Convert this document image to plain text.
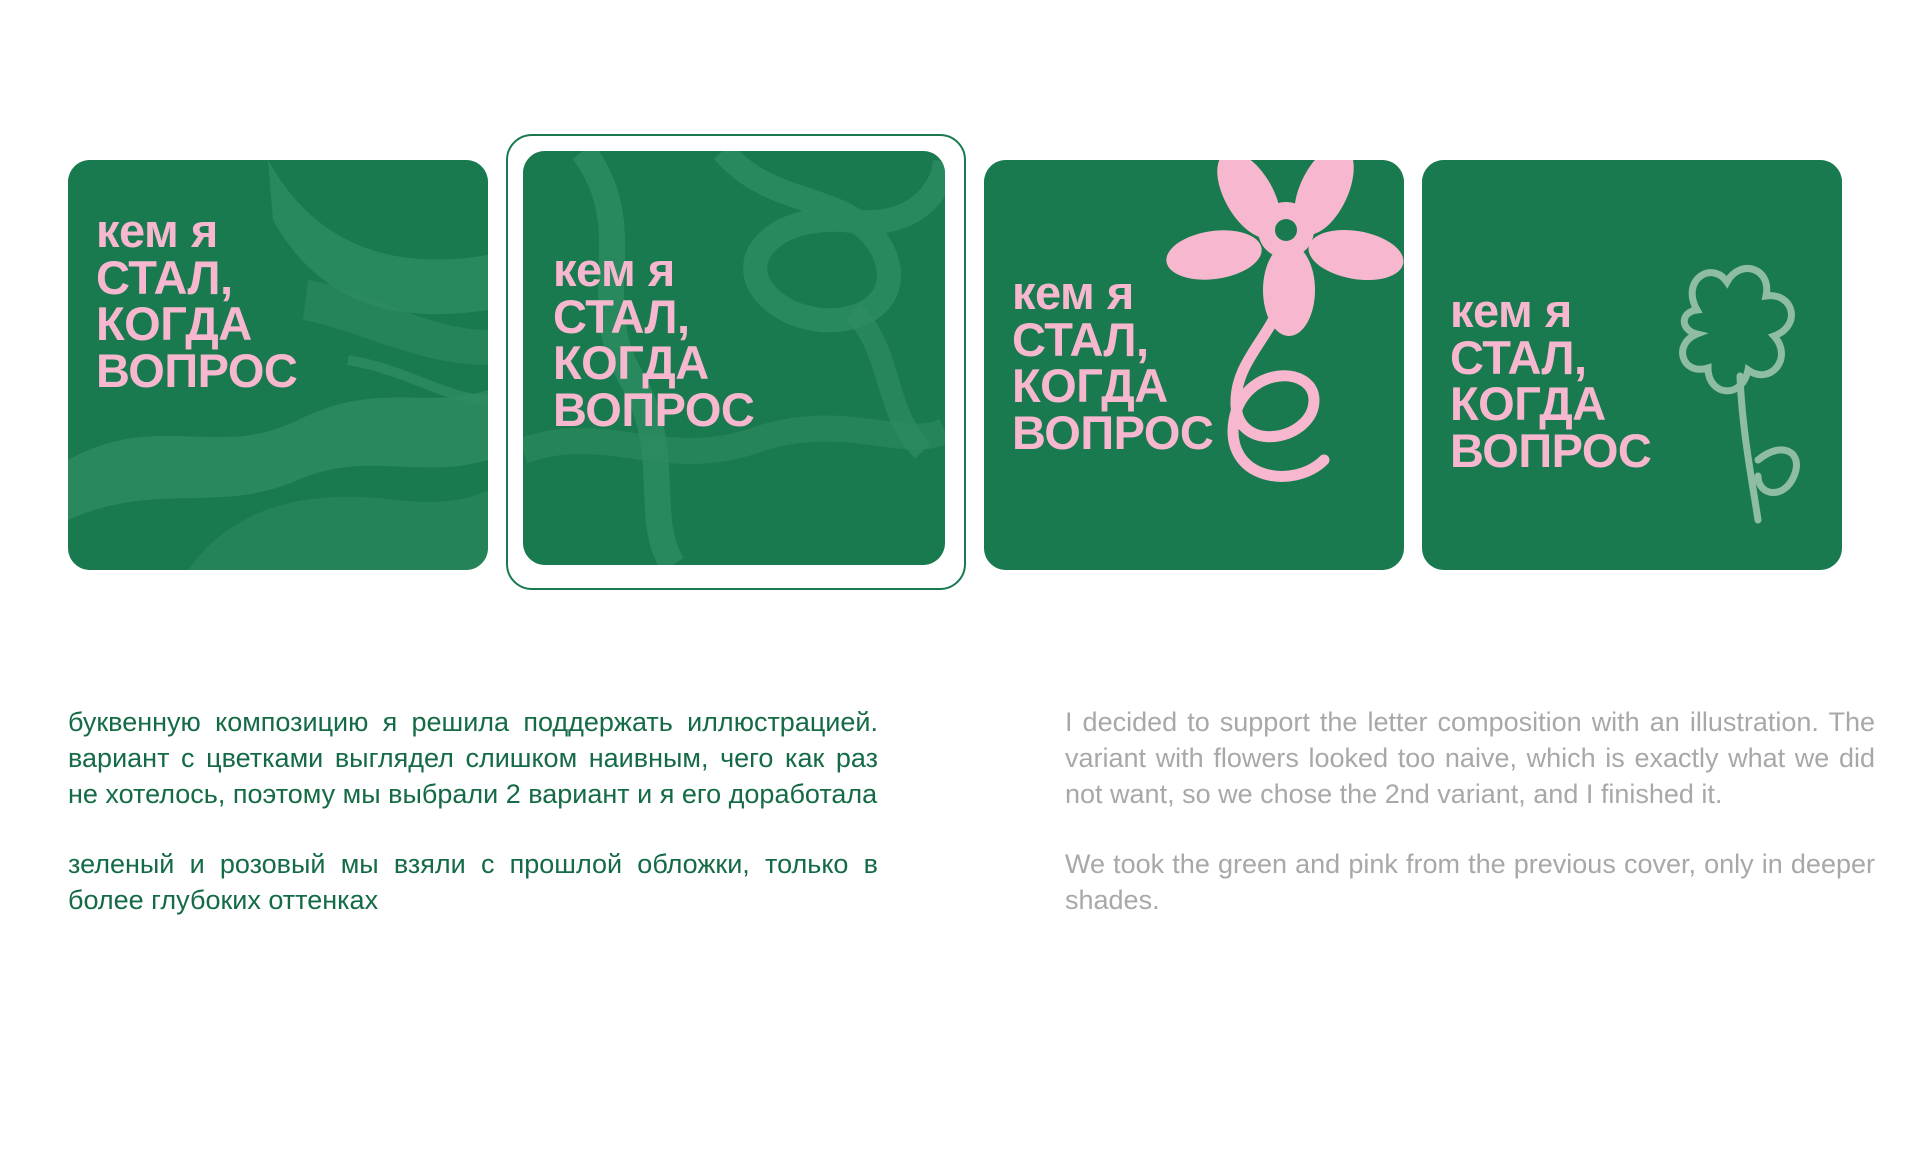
кем я
СТАЛ,
КОГДА
ВОПРОС
кем я
СТАЛ,
КОГДА
ВОПРОС
кем я
СТАЛ,
КОГДА
ВОПРОС
кем я
СТАЛ,
КОГДА
ВОПРОС

буквенную композицию я решила поддержать иллюстрацией. вариант с цветками выглядел слишком наивным, чего как раз не хотелось, поэтому мы выбрали 2 вариант и я его доработала

зеленый и розовый мы взяли с прошлой обложки, только в более глубоких оттенках

I decided to support the letter composition with an illustration. The variant with flowers looked too naive, which is exactly what we did not want, so we chose the 2nd variant, and I finished it.

We took the green and pink from the previous cover, only in deeper shades.
